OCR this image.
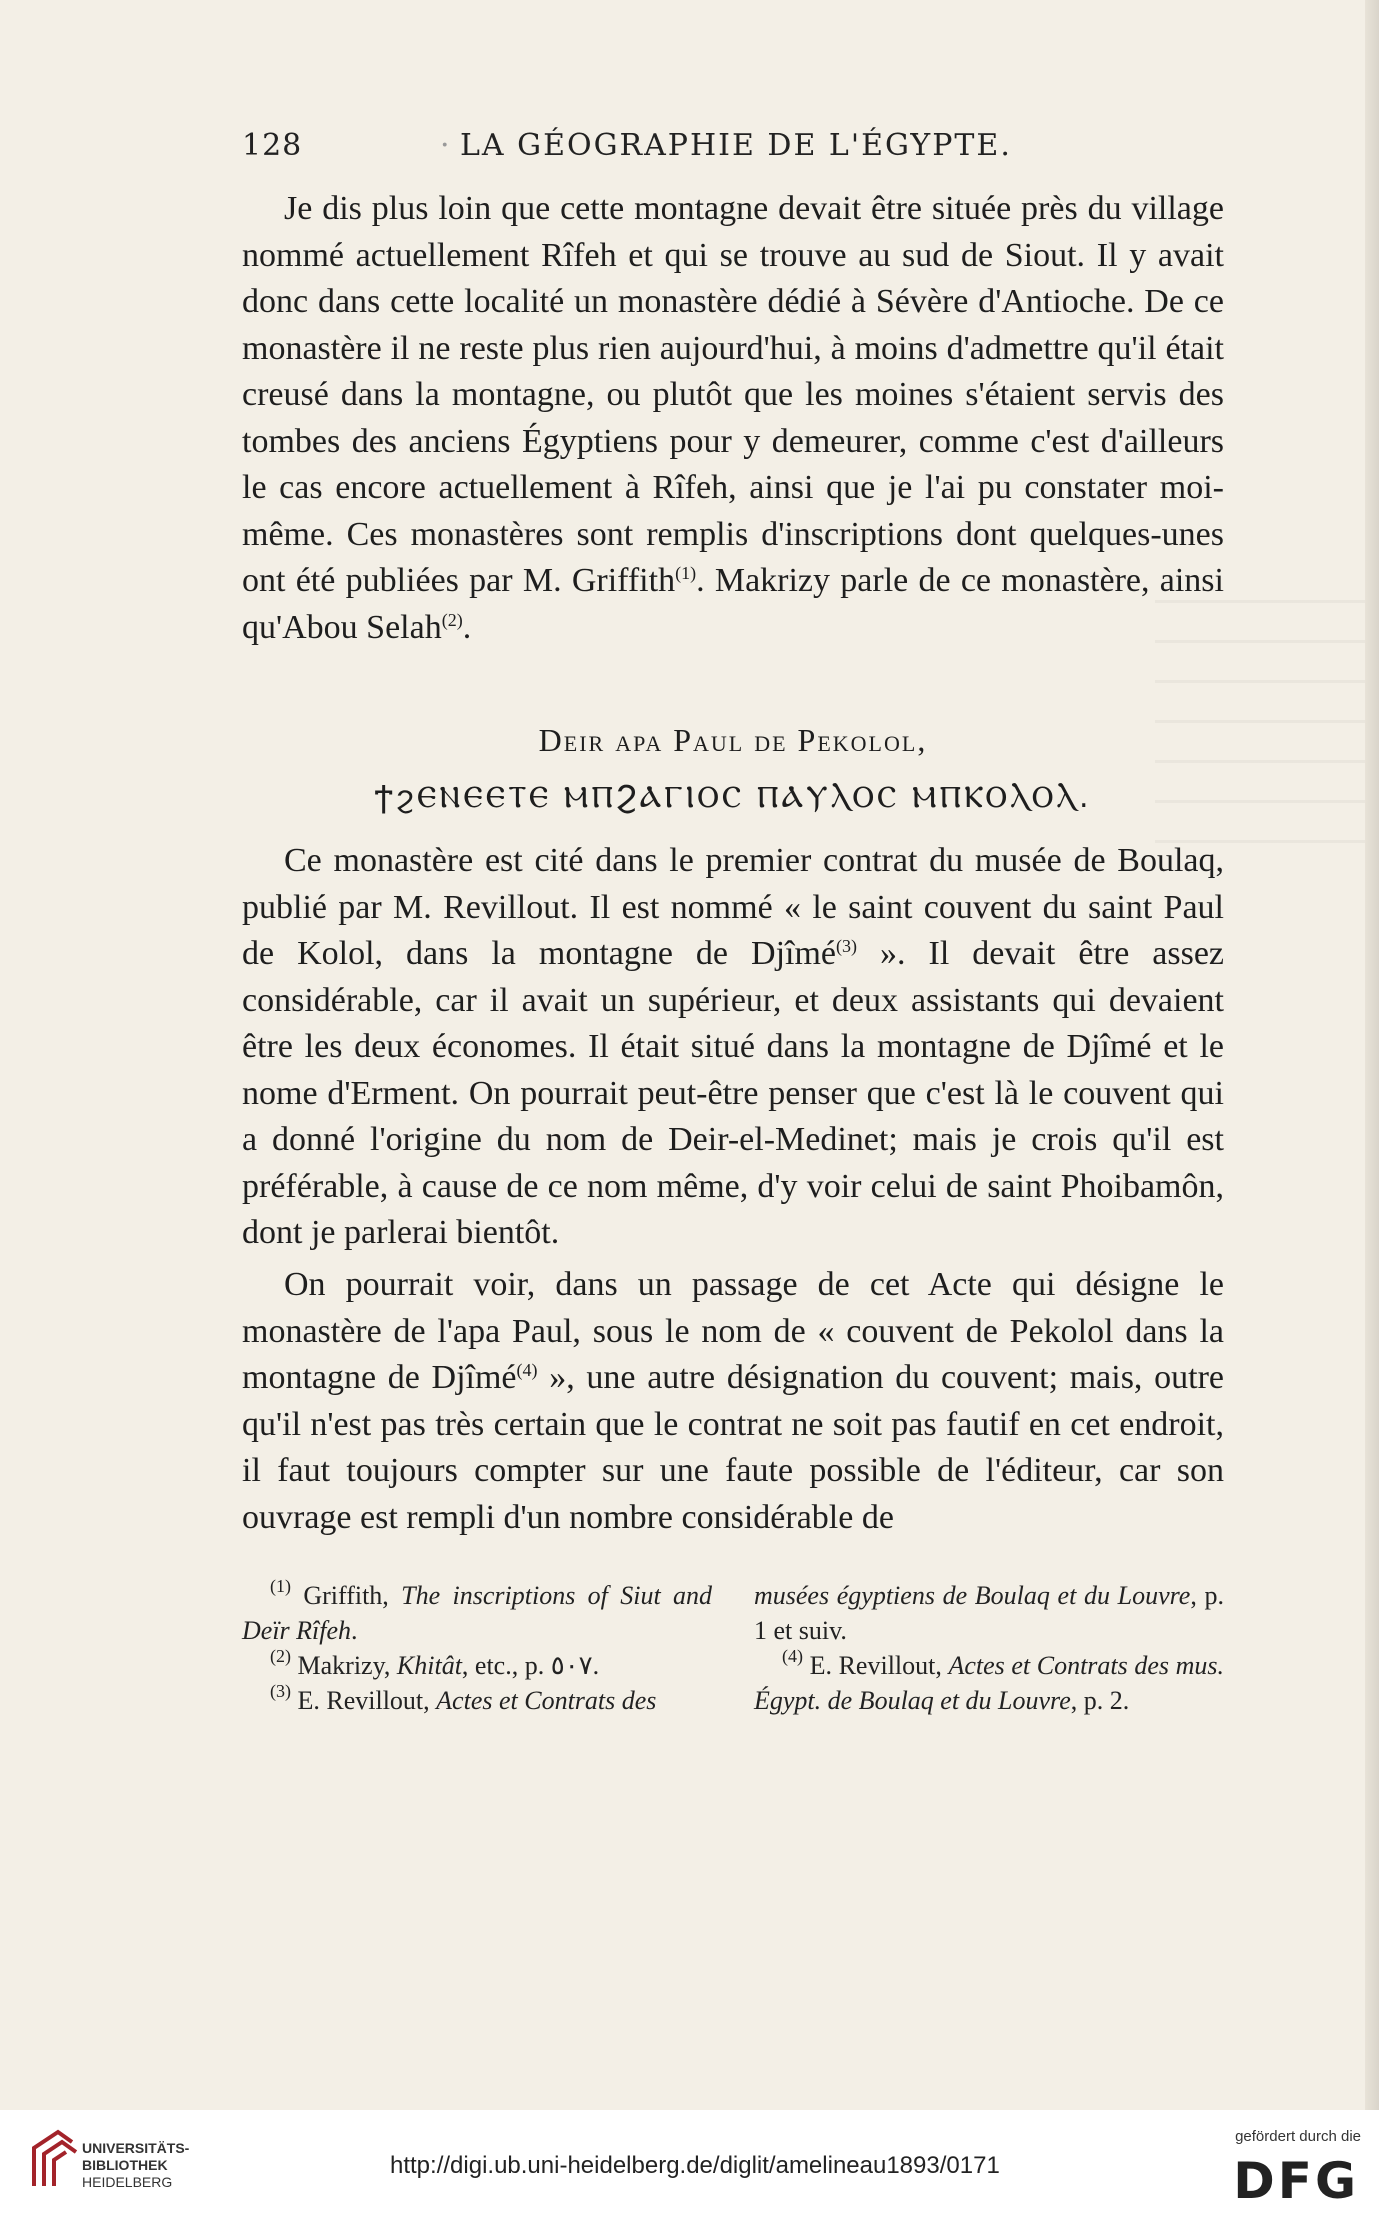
128	· LA GÉOGRAPHIE DE L'ÉGYPTE.

Je dis plus loin que cette montagne devait être située près du village nommé actuellement Rîfeh et qui se trouve au sud de Siout. Il y avait donc dans cette localité un monastère dédié à Sévère d'Antioche. De ce monastère il ne reste plus rien aujourd'hui, à moins d'admettre qu'il était creusé dans la montagne, ou plutôt que les moines s'étaient servis des tombes des anciens Égyptiens pour y demeurer, comme c'est d'ailleurs le cas encore actuellement à Rîfeh, ainsi que je l'ai pu constater moi-même. Ces monastères sont remplis d'inscriptions dont quelques-unes ont été publiées par M. Griffith$^{(1)}$. Makrizy parle de ce monastère, ainsi qu'Abou Selah$^{(2)}$.

Deir apa Paul de Pekolol,
ϮϩⲈⲚⲈⲈⲦⲈ ⲘⲠϨⲀⲄⲒⲞⲤ ⲠⲀⲨⲖⲞⲤ ⲘⲠⲔⲞⲖⲞⲖ.

Ce monastère est cité dans le premier contrat du musée de Boulaq, publié par M. Revillout. Il est nommé « le saint couvent du saint Paul de Kolol, dans la montagne de Djîmé$^{(3)}$ ». Il devait être assez considérable, car il avait un supérieur, et deux assistants qui devaient être les deux économes. Il était situé dans la montagne de Djîmé et le nome d'Erment. On pourrait peut-être penser que c'est là le couvent qui a donné l'origine du nom de Deir-el-Medinet; mais je crois qu'il est préférable, à cause de ce nom même, d'y voir celui de saint Phoibamôn, dont je parlerai bientôt.

On pourrait voir, dans un passage de cet Acte qui désigne le monastère de l'apa Paul, sous le nom de « couvent de Pekolol dans la montagne de Djîmé$^{(4)}$ », une autre désignation du couvent; mais, outre qu'il n'est pas très certain que le contrat ne soit pas fautif en cet endroit, il faut toujours compter sur une faute possible de l'éditeur, car son ouvrage est rempli d'un nombre considérable de

$^{(1)}$ Griffith, The inscriptions of Siut and Deïr Rîfeh.

$^{(2)}$ Makrizy, Khitât, etc., p. ٥٠٧.

$^{(3)}$ E. Revillout, Actes et Contrats des

musées égyptiens de Boulaq et du Louvre, p. 1 et suiv.

$^{(4)}$ E. Revillout, Actes et Contrats des mus. Égypt. de Boulaq et du Louvre, p. 2.

UNIVERSITÄTS-
BIBLIOTHEK
HEIDELBERG
http://digi.ub.uni-heidelberg.de/diglit/amelineau1893/0171
gefördert durch die
DFG
